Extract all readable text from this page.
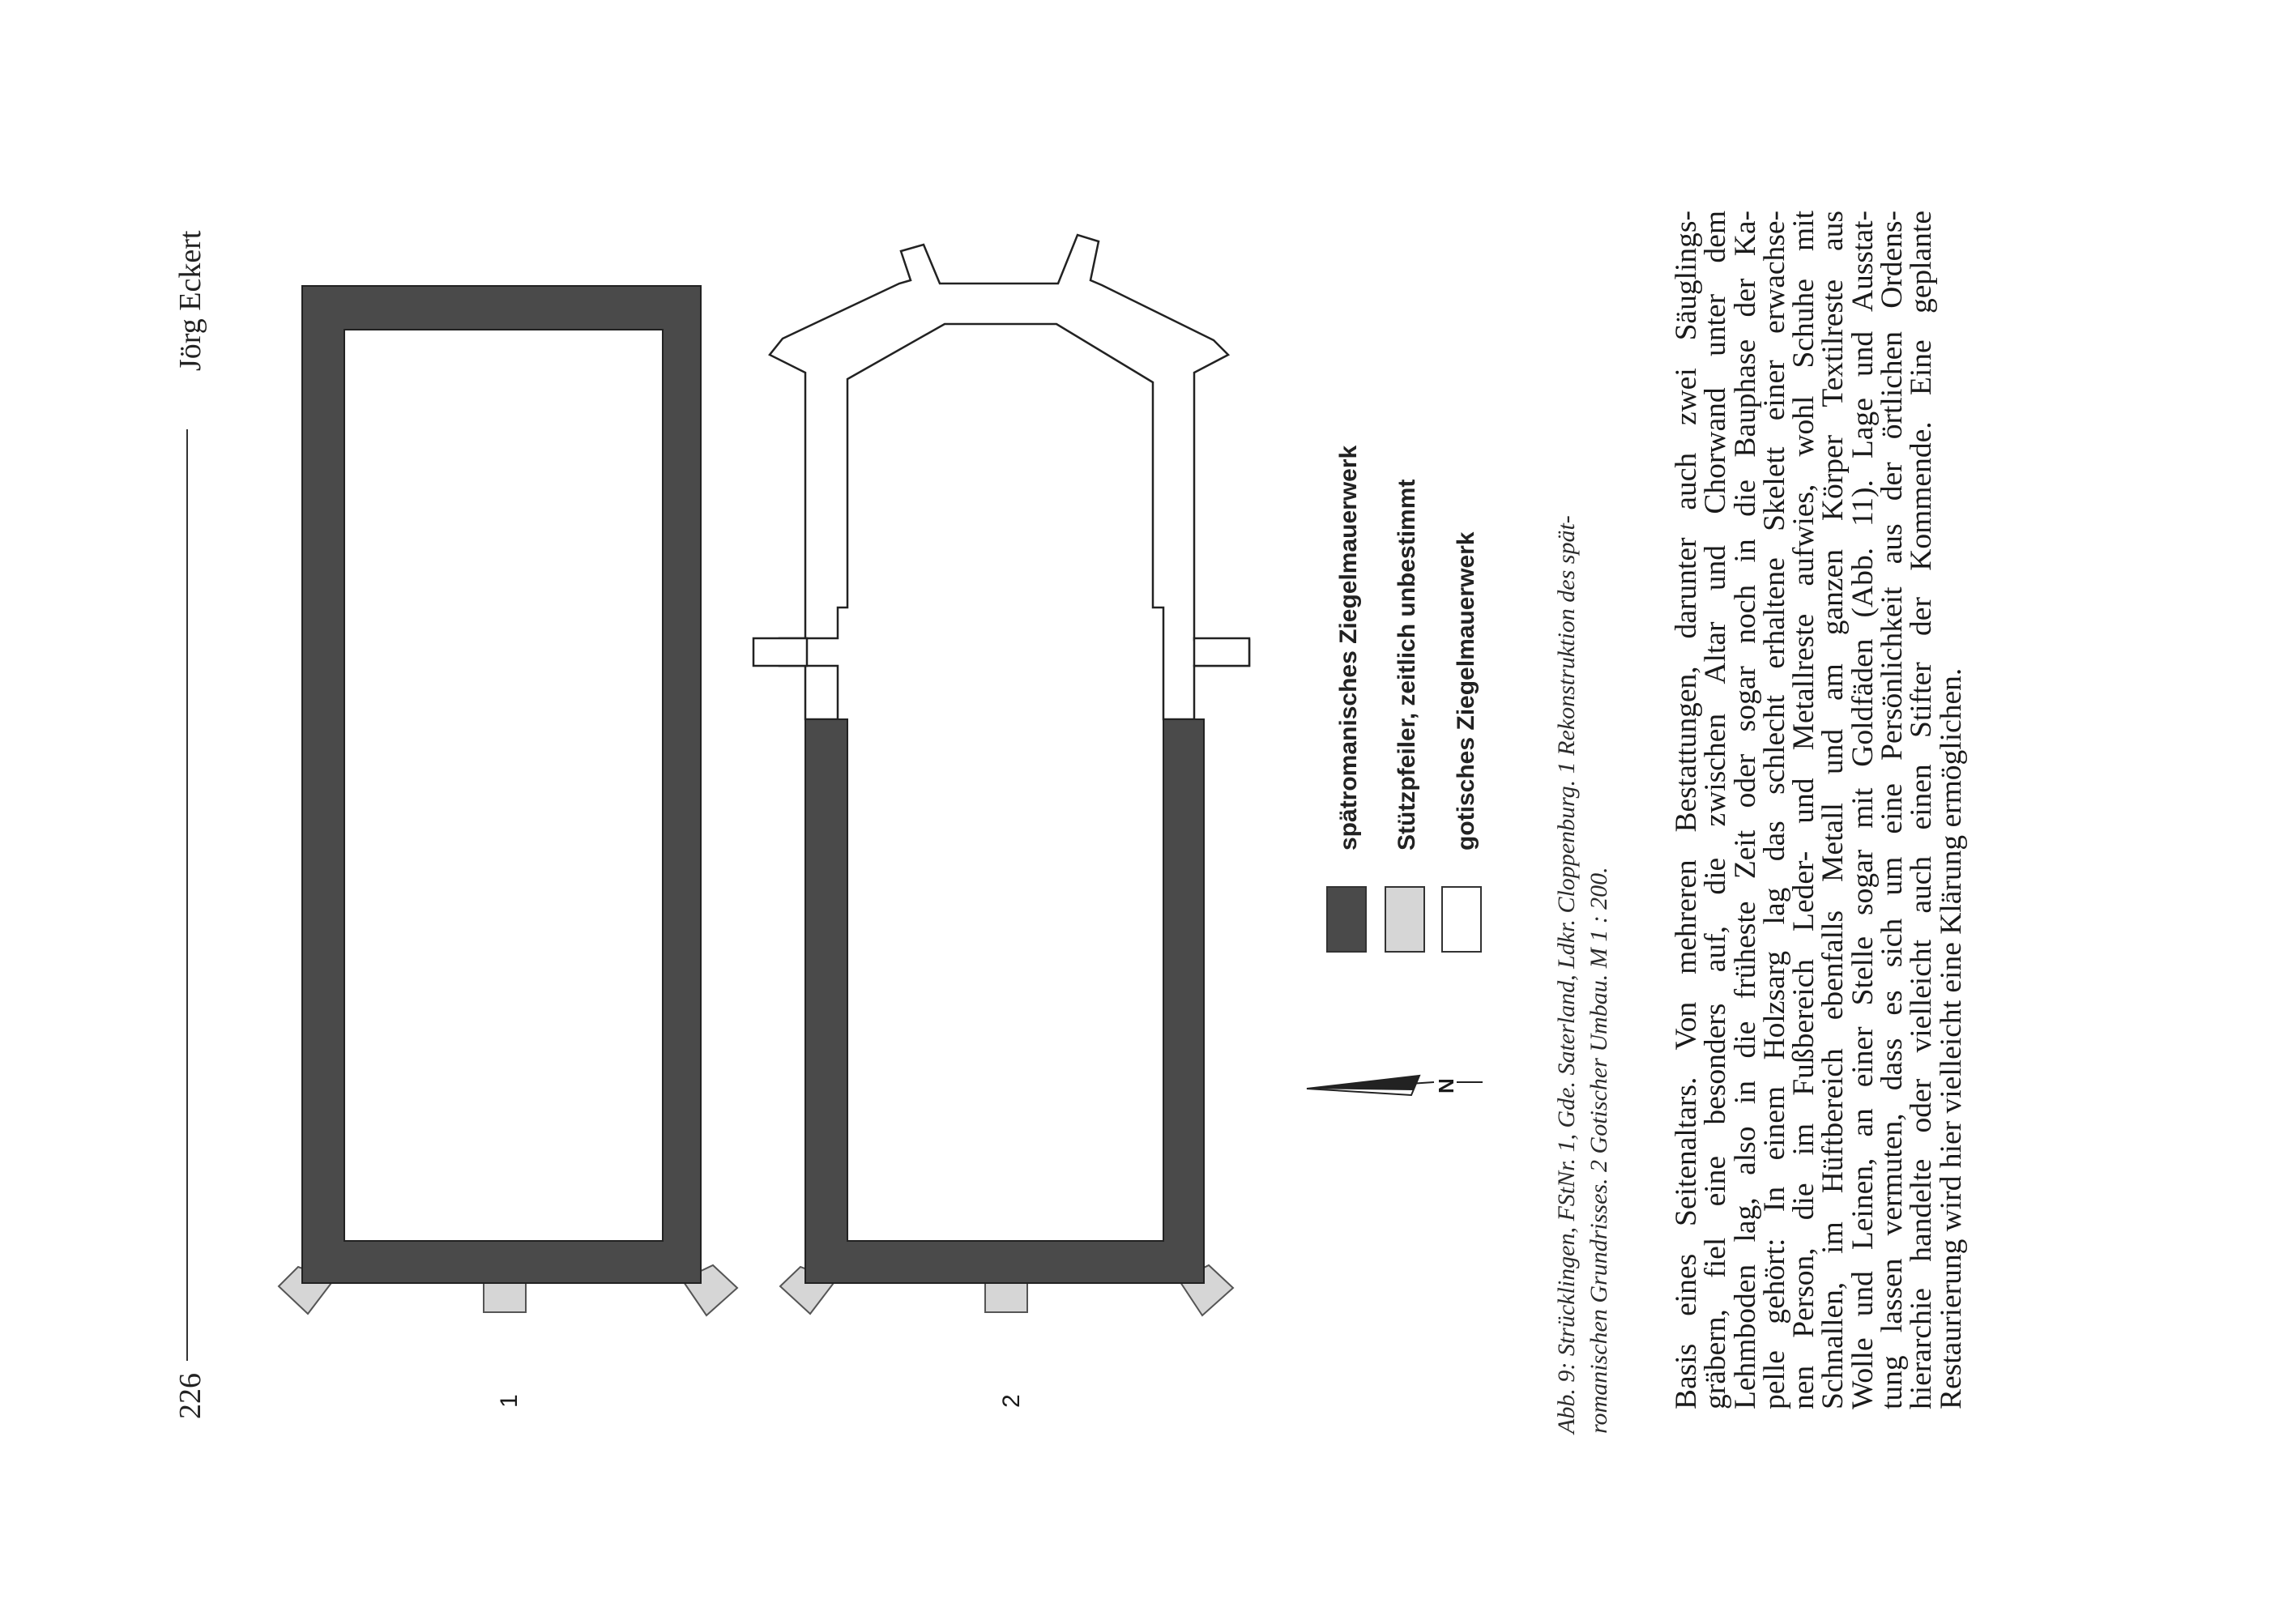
226
Jörg Eckert
1	2
N
spätromanisches Ziegelmauerwerk Stützpfeiler, zeitlich unbestimmt gotisches Ziegelmauerwerk	Abb. 9: Strücklingen, FStNr. 1, Gde. Saterland, Ldkr. Cloppenburg. 1 Rekonstruktion des spät- romanischen Grundrisses. 2 Gotischer Umbau. M 1 : 200. Basis eines Seitenaltars. Von mehreren Bestattungen, darunter auch zwei Säuglings-
gräbern, fiel eine besonders auf, die zwischen Altar und Chorwand unter dem
Lehmboden lag, also in die früheste Zeit oder sogar noch in die Bauphase der Ka-
pelle gehört: In einem Holzsarg lag das schlecht erhaltene Skelett einer erwachse-
nen Person, die im Fußbereich Leder- und Metallreste aufwies, wohl Schuhe mit
Schnallen, im Hüftbereich ebenfalls Metall und am ganzen Körper Textilreste aus
Wolle und Leinen, an einer Stelle sogar mit Goldfäden (Abb. 11). Lage und Ausstat-
tung lassen vermuten, dass es sich um eine Persönlichkeit aus der örtlichen Ordens-
hierarchie handelte oder vielleicht auch einen Stifter der Kommende. Eine geplante
Restaurierung wird hier vielleicht eine Klärung ermöglichen.
